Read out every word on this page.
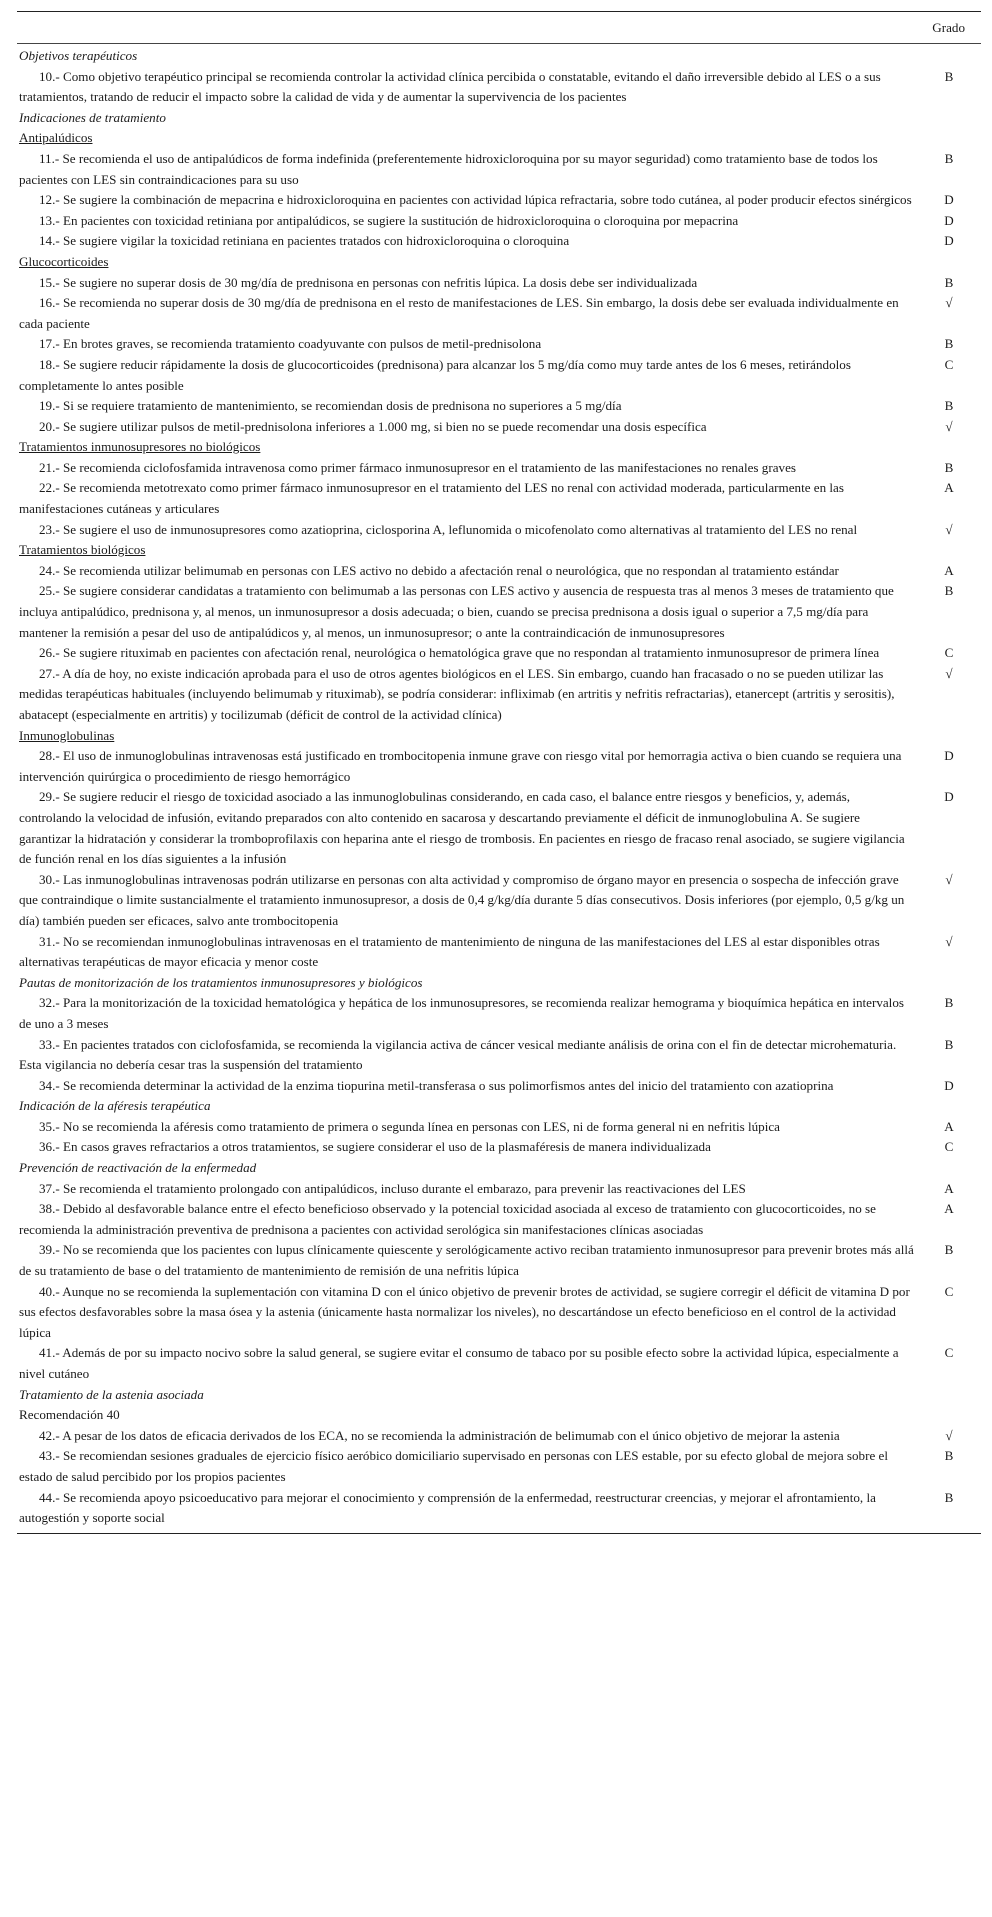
Grado
Objetivos terapéuticos
10.- Como objetivo terapéutico principal se recomienda controlar la actividad clínica percibida o constatable, evitando el daño irreversible debido al LES o a sus tratamientos, tratando de reducir el impacto sobre la calidad de vida y de aumentar la supervivencia de los pacientes
B
Indicaciones de tratamiento
Antipalúdicos
11.- Se recomienda el uso de antipalúdicos de forma indefinida (preferentemente hidroxicloroquina por su mayor seguridad) como tratamiento base de todos los pacientes con LES sin contraindicaciones para su uso
B
12.- Se sugiere la combinación de mepacrina e hidroxicloroquina en pacientes con actividad lúpica refractaria, sobre todo cutánea, al poder producir efectos sinérgicos	D
13.- En pacientes con toxicidad retiniana por antipalúdicos, se sugiere la sustitución de hidroxicloroquina o cloroquina por mepacrina	D
14.- Se sugiere vigilar la toxicidad retiniana en pacientes tratados con hidroxicloroquina o cloroquina	D
Glucocorticoides
15.- Se sugiere no superar dosis de 30 mg/día de prednisona en personas con nefritis lúpica. La dosis debe ser individualizada	B
16.- Se recomienda no superar dosis de 30 mg/día de prednisona en el resto de manifestaciones de LES. Sin embargo, la dosis debe ser evaluada individualmente en cada paciente
√
17.- En brotes graves, se recomienda tratamiento coadyuvante con pulsos de metil-prednisolona	B
18.- Se sugiere reducir rápidamente la dosis de glucocorticoides (prednisona) para alcanzar los 5 mg/día como muy tarde antes de los 6 meses, retirándolos completamente lo antes posible
C
19.- Si se requiere tratamiento de mantenimiento, se recomiendan dosis de prednisona no superiores a 5 mg/día	B
20.- Se sugiere utilizar pulsos de metil-prednisolona inferiores a 1.000 mg, si bien no se puede recomendar una dosis específica	√
Tratamientos inmunosupresores no biológicos
21.- Se recomienda ciclofosfamida intravenosa como primer fármaco inmunosupresor en el tratamiento de las manifestaciones no renales graves	B
22.- Se recomienda metotrexato como primer fármaco inmunosupresor en el tratamiento del LES no renal con actividad moderada, particularmente en las manifestaciones cutáneas y articulares
A
23.- Se sugiere el uso de inmunosupresores como azatioprina, ciclosporina A, leflunomida o micofenolato como alternativas al tratamiento del LES no renal	√
Tratamientos biológicos
24.- Se recomienda utilizar belimumab en personas con LES activo no debido a afectación renal o neurológica, que no respondan al tratamiento estándar	A
25.- Se sugiere considerar candidatas a tratamiento con belimumab a las personas con LES activo y ausencia de respuesta tras al menos 3 meses de tratamiento que incluya antipalúdico, prednisona y, al menos, un inmunosupresor a dosis adecuada; o bien, cuando se precisa prednisona a dosis igual o superior a 7,5 mg/día para mantener la remisión a pesar del uso de antipalúdicos y, al menos, un inmunosupresor; o ante la contraindicación de inmunosupresores
B
26.- Se sugiere rituximab en pacientes con afectación renal, neurológica o hematológica grave que no respondan al tratamiento inmunosupresor de primera línea	C
27.- A día de hoy, no existe indicación aprobada para el uso de otros agentes biológicos en el LES. Sin embargo, cuando han fracasado o no se pueden utilizar las medidas terapéuticas habituales (incluyendo belimumab y rituximab), se podría considerar: infliximab (en artritis y nefritis refractarias), etanercept (artritis y serositis), abatacept (especialmente en artritis) y tocilizumab (déficit de control de la actividad clínica)
√
Inmunoglobulinas
28.- El uso de inmunoglobulinas intravenosas está justificado en trombocitopenia inmune grave con riesgo vital por hemorragia activa o bien cuando se requiera una intervención quirúrgica o procedimiento de riesgo hemorrágico
D
29.- Se sugiere reducir el riesgo de toxicidad asociado a las inmunoglobulinas considerando, en cada caso, el balance entre riesgos y beneficios, y, además, controlando la velocidad de infusión, evitando preparados con alto contenido en sacarosa y descartando previamente el déficit de inmunoglobulina A. Se sugiere garantizar la hidratación y considerar la tromboprofilaxis con heparina ante el riesgo de trombosis. En pacientes en riesgo de fracaso renal asociado, se sugiere vigilancia de función renal en los días siguientes a la infusión
D
30.- Las inmunoglobulinas intravenosas podrán utilizarse en personas con alta actividad y compromiso de órgano mayor en presencia o sospecha de infección grave que contraindique o limite sustancialmente el tratamiento inmunosupresor, a dosis de 0,4 g/kg/día durante 5 días consecutivos. Dosis inferiores (por ejemplo, 0,5 g/kg un día) también pueden ser eficaces, salvo ante trombocitopenia
√
31.- No se recomiendan inmunoglobulinas intravenosas en el tratamiento de mantenimiento de ninguna de las manifestaciones del LES al estar disponibles otras alternativas terapéuticas de mayor eficacia y menor coste
√
Pautas de monitorización de los tratamientos inmunosupresores y biológicos
32.- Para la monitorización de la toxicidad hematológica y hepática de los inmunosupresores, se recomienda realizar hemograma y bioquímica hepática en intervalos de uno a 3 meses
B
33.- En pacientes tratados con ciclofosfamida, se recomienda la vigilancia activa de cáncer vesical mediante análisis de orina con el fin de detectar microhematuria. Esta vigilancia no debería cesar tras la suspensión del tratamiento
B
34.- Se recomienda determinar la actividad de la enzima tiopurina metil-transferasa o sus polimorfismos antes del inicio del tratamiento con azatioprina	D
Indicación de la aféresis terapéutica
35.- No se recomienda la aféresis como tratamiento de primera o segunda línea en personas con LES, ni de forma general ni en nefritis lúpica	A
36.- En casos graves refractarios a otros tratamientos, se sugiere considerar el uso de la plasmaféresis de manera individualizada	C
Prevención de reactivación de la enfermedad
37.- Se recomienda el tratamiento prolongado con antipalúdicos, incluso durante el embarazo, para prevenir las reactivaciones del LES	A
38.- Debido al desfavorable balance entre el efecto beneficioso observado y la potencial toxicidad asociada al exceso de tratamiento con glucocorticoides, no se recomienda la administración preventiva de prednisona a pacientes con actividad serológica sin manifestaciones clínicas asociadas
A
39.- No se recomienda que los pacientes con lupus clínicamente quiescente y serológicamente activo reciban tratamiento inmunosupresor para prevenir brotes más allá de su tratamiento de base o del tratamiento de mantenimiento de remisión de una nefritis lúpica
B
40.- Aunque no se recomienda la suplementación con vitamina D con el único objetivo de prevenir brotes de actividad, se sugiere corregir el déficit de vitamina D por sus efectos desfavorables sobre la masa ósea y la astenia (únicamente hasta normalizar los niveles), no descartándose un efecto beneficioso en el control de la actividad lúpica
C
41.- Además de por su impacto nocivo sobre la salud general, se sugiere evitar el consumo de tabaco por su posible efecto sobre la actividad lúpica, especialmente a nivel cutáneo
C
Tratamiento de la astenia asociada
Recomendación 40
42.- A pesar de los datos de eficacia derivados de los ECA, no se recomienda la administración de belimumab con el único objetivo de mejorar la astenia	√
43.- Se recomiendan sesiones graduales de ejercicio físico aeróbico domiciliario supervisado en personas con LES estable, por su efecto global de mejora sobre el estado de salud percibido por los propios pacientes
B
44.- Se recomienda apoyo psicoeducativo para mejorar el conocimiento y comprensión de la enfermedad, reestructurar creencias, y mejorar el afrontamiento, la autogestión y soporte social
B
